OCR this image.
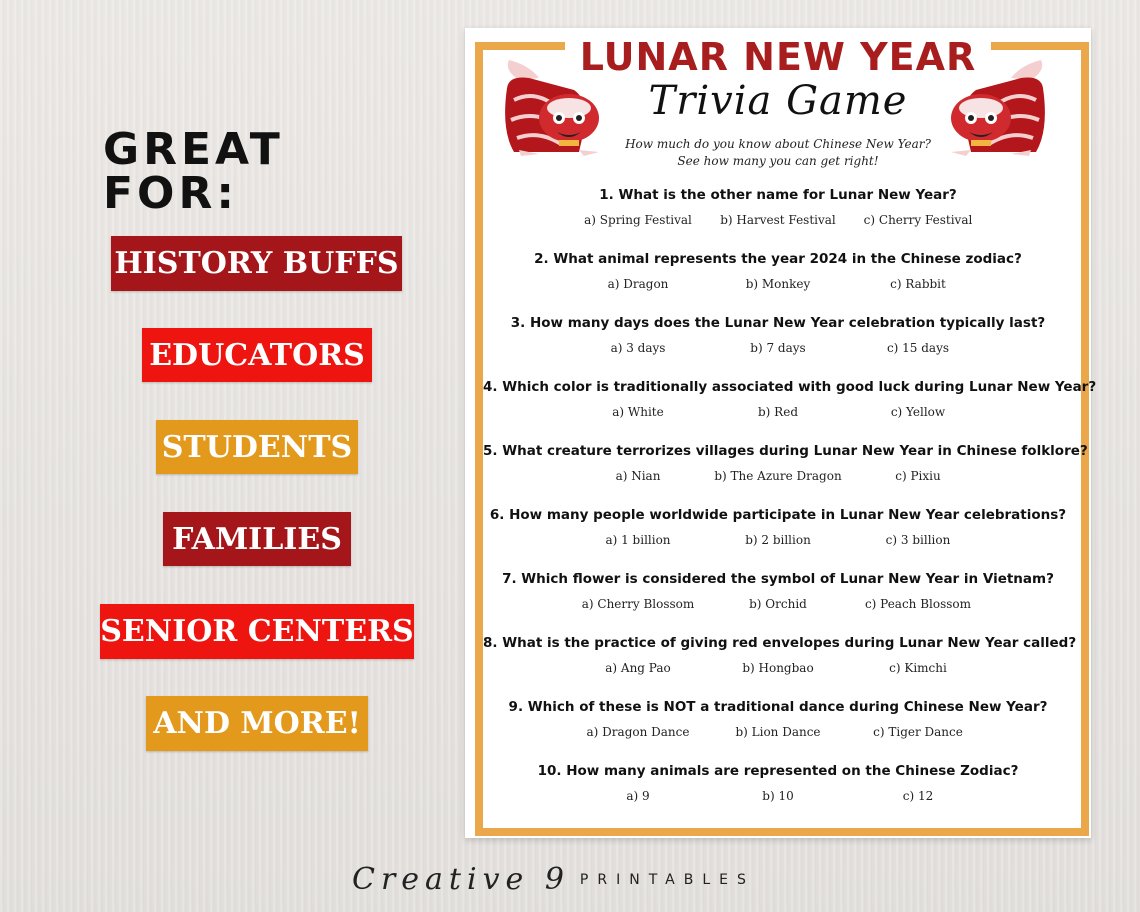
GREAT FOR:
HISTORY BUFFS
EDUCATORS
STUDENTS
FAMILIES
SENIOR CENTERS
AND MORE!
LUNAR NEW YEAR
Trivia Game
How much do you know about Chinese New Year?
See how many you can get right!
1. What is the other name for Lunar New Year?
a) Spring Festival	b) Harvest Festival	c) Cherry Festival
2. What animal represents the year 2024 in the Chinese zodiac?
a) Dragon	b) Monkey	c) Rabbit
3. How many days does the Lunar New Year celebration typically last?
a) 3 days	b) 7 days	c) 15 days
4. Which color is traditionally associated with good luck during Lunar New Year?
a) White	b) Red	c) Yellow
5. What creature terrorizes villages during Lunar New Year in Chinese folklore?
a) Nian	b) The Azure Dragon	c) Pixiu
6. How many people worldwide participate in Lunar New Year celebrations?
a) 1 billion	b) 2 billion	c) 3 billion
7. Which flower is considered the symbol of Lunar New Year in Vietnam?
a) Cherry Blossom	b) Orchid	c) Peach Blossom
8. What is the practice of giving red envelopes during Lunar New Year called?
a) Ang Pao	b) Hongbao	c) Kimchi
9. Which of these is NOT a traditional dance during Chinese New Year?
a) Dragon Dance	b) Lion Dance	c) Tiger Dance
10. How many animals are represented on the Chinese Zodiac?
a) 9	b) 10	c) 12
Creative 9 PRINTABLES
